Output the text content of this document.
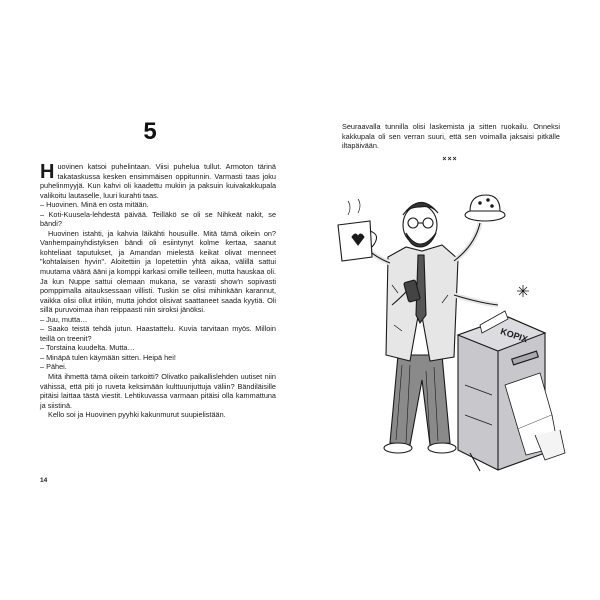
5

Huovinen katsoi puhelintaan. Viisi puhelua tullut. Armoton tärinä takataskussa kesken ensimmäisen oppitunnin. Varmasti taas joku puhelinmyyjä. Kun kahvi oli kaadettu mukiin ja paksuin kuivakakkupala valikoitu lautaselle, luuri kurahti taas.

– Huovinen. Minä en osta mitään.

– Koti-Kuusela-lehdestä päivää. Teilläkö se oli se Nihkeät nakit, se bändi?

Huovinen istahti, ja kahvia läikähti housuille. Mitä tämä oikein on? Vanhempainyhdistyksen bändi oli esiintynyt kolme kertaa, saanut kohteliaat taputukset, ja Amandan mielestä keikat olivat menneet "kohtalaisen hyvin". Aloitettiin ja lopetettiin yhtä aikaa, välillä sattui muutama väärä ääni ja komppi karkasi omille teilleen, mutta hauskaa oli. Ja kun Nuppe sattui olemaan mukana, se varasti show'n sopivasti pomppimalla aitauksessaan villisti. Tuskin se olisi mihinkään karannut, vaikka olisi ollut irtikin, mutta johdot olisivat saattaneet saada kyytiä. Oli sillä puruvoimaa ihan reippaasti niin siroksi jänöksi.

– Juu, mutta…

– Saako teistä tehdä jutun. Haastattelu. Kuvia tarvitaan myös. Milloin teillä on treenit?

– Torstaina kuudelta. Mutta…

– Minäpä tulen käymään sitten. Heipä hei!

– Pähei.

Mitä ihmettä tämä oikein tarkoitti? Olivatko paikallislehden uutiset niin vähissä, että piti jo ruveta keksimään kulttuurijuttuja väliin? Bändiläisille pitäisi laittaa tästä viestit. Lehtikuvassa varmaan pitäisi olla kammattuna ja siistinä.

Kello soi ja Huovinen pyyhki kakunmurut suupielistään.

14

Seuraavalla tunnilla olisi laskemista ja sitten ruokailu. Onneksi kakkupala oli sen verran suuri, että sen voimalla jaksaisi pitkälle iltapäivään.

×××
KOPIX
